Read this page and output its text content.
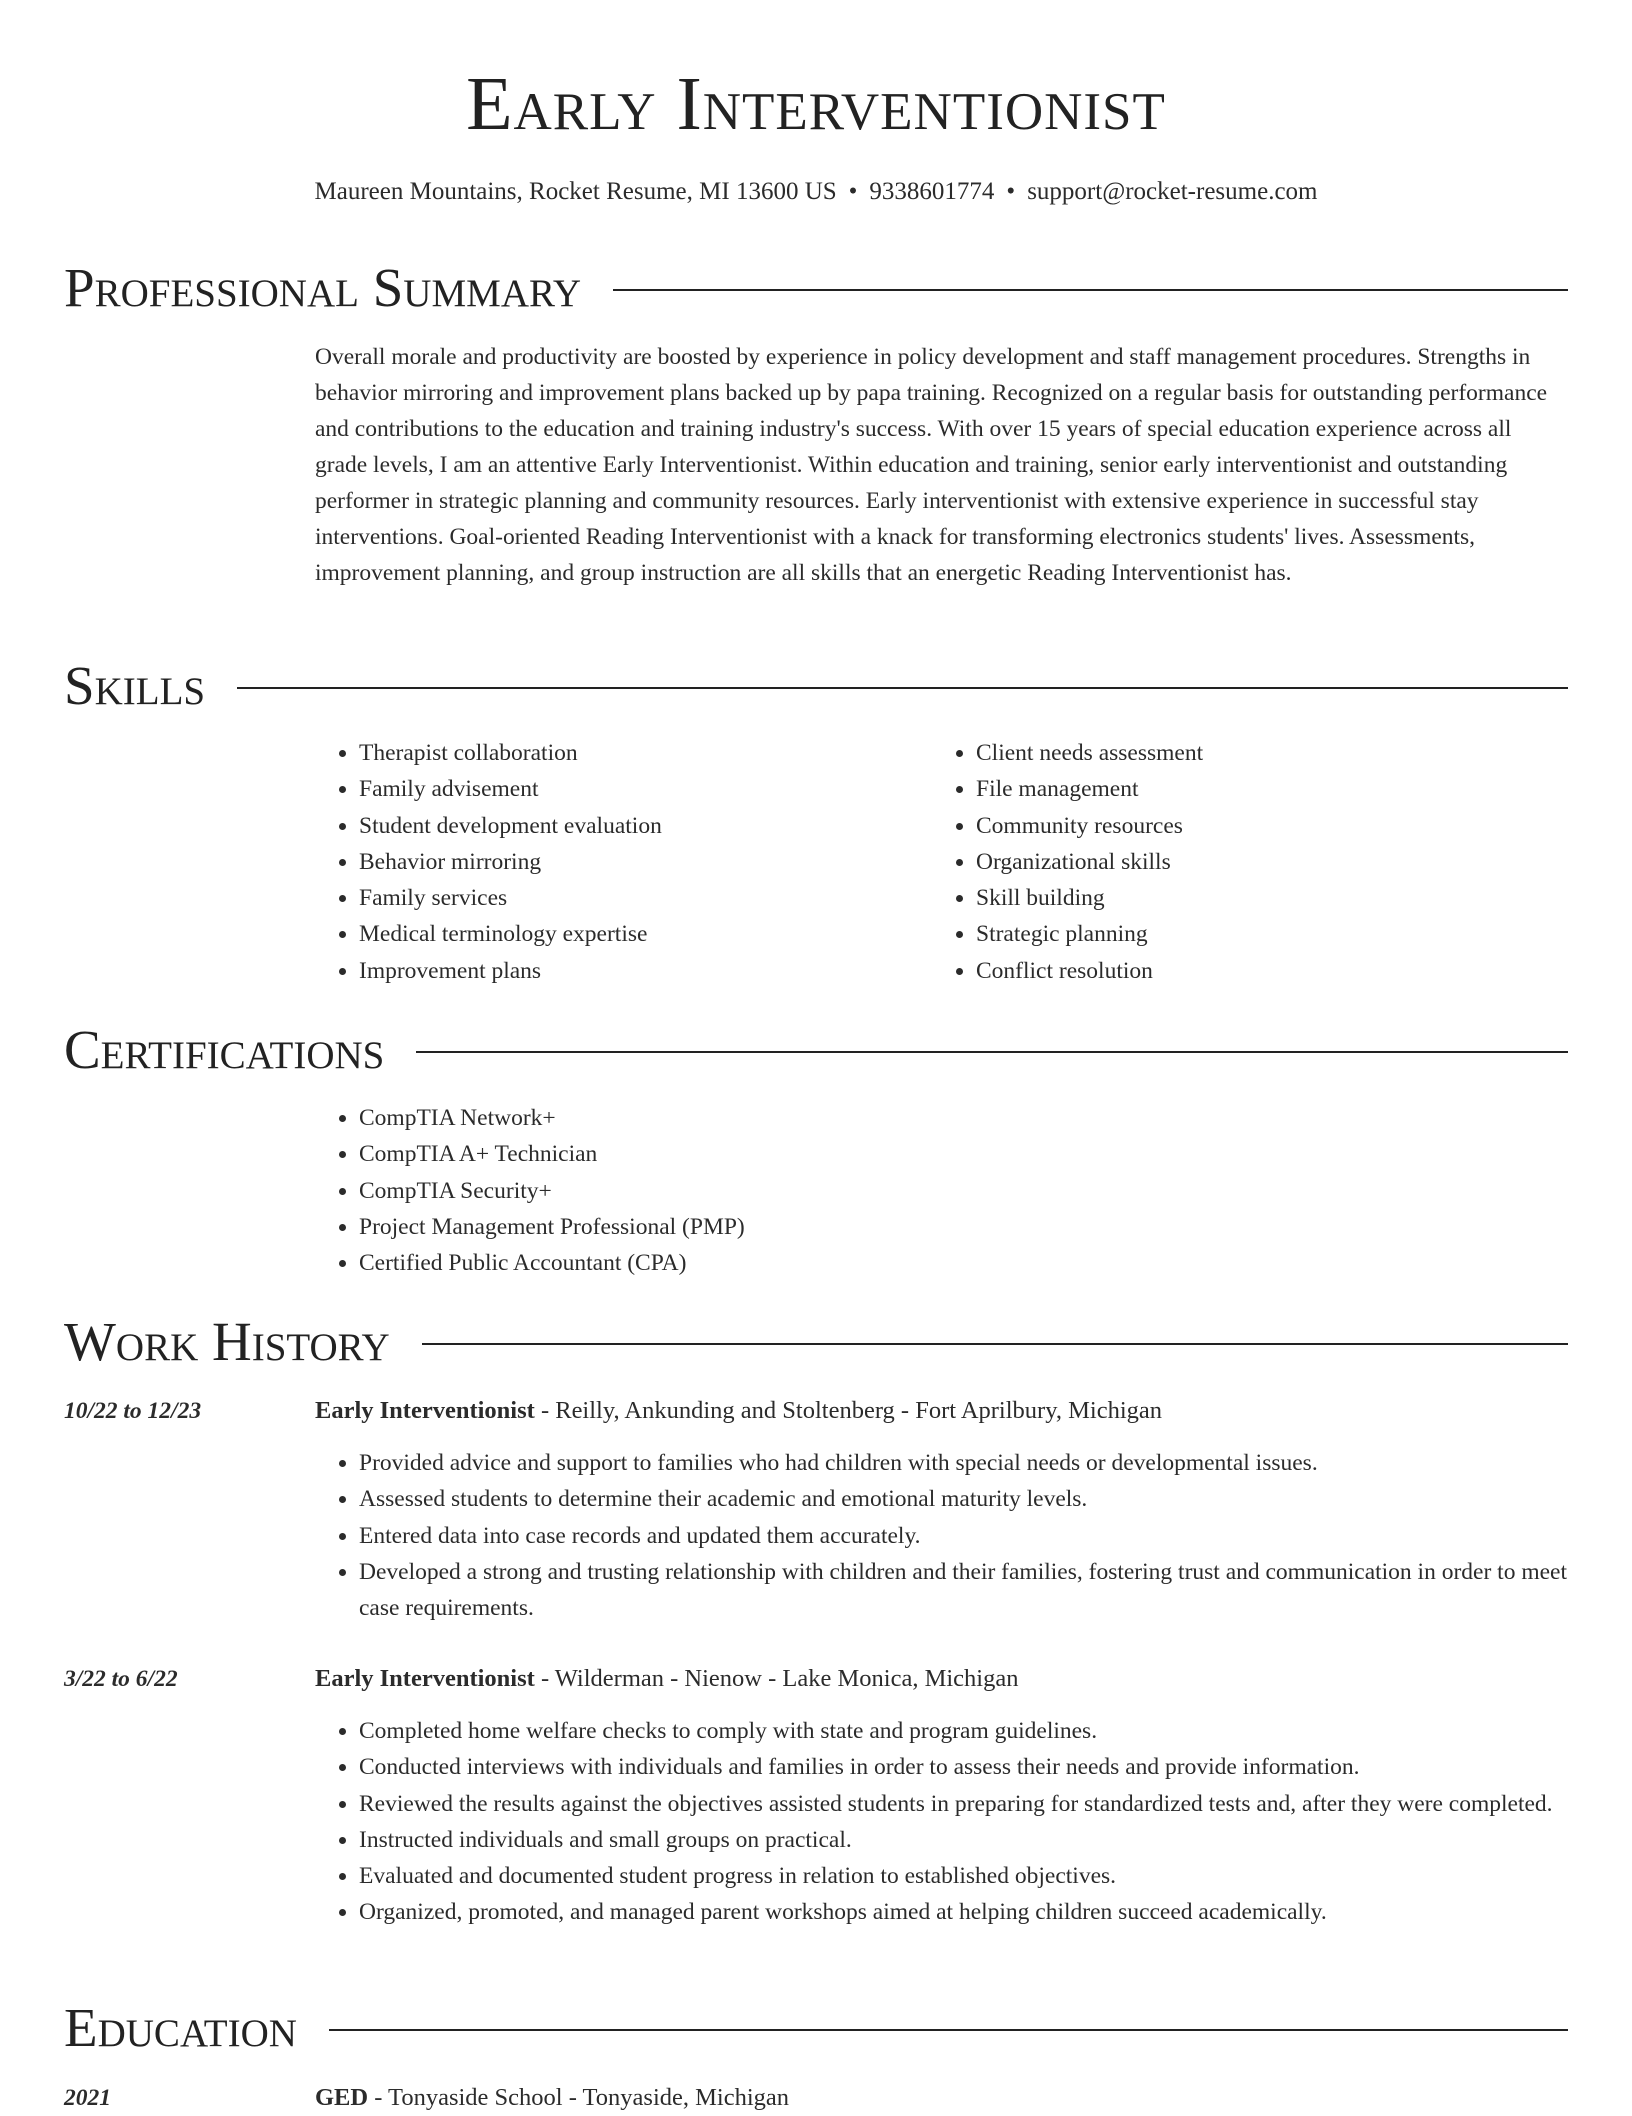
Early Interventionist
Maureen Mountains, Rocket Resume, MI 13600 US • 9338601774 • support@rocket-resume.com
Professional Summary

Overall morale and productivity are boosted by experience in policy development and staff management procedures. Strengths in behavior mirroring and improvement plans backed up by papa training. Recognized on a regular basis for outstanding performance and contributions to the education and training industry's success. With over 15 years of special education experience across all grade levels, I am an attentive Early Interventionist. Within education and training, senior early interventionist and outstanding performer in strategic planning and community resources. Early interventionist with extensive experience in successful stay interventions. Goal-oriented Reading Interventionist with a knack for transforming electronics students' lives. Assessments, improvement planning, and group instruction are all skills that an energetic Reading Interventionist has.

Skills
• Therapist collaboration
• Family advisement
• Student development evaluation
• Behavior mirroring
• Family services
• Medical terminology expertise
• Improvement plans
• Client needs assessment
• File management
• Community resources
• Organizational skills
• Skill building
• Strategic planning
• Conflict resolution
Certifications
• CompTIA Network+
• CompTIA A+ Technician
• CompTIA Security+
• Project Management Professional (PMP)
• Certified Public Accountant (CPA)
Work History
10/22 to 12/23	Early Interventionist - Reilly, Ankunding and Stoltenberg - Fort Aprilbury, Michigan
• Provided advice and support to families who had children with special needs or developmental issues.
• Assessed students to determine their academic and emotional maturity levels.
• Entered data into case records and updated them accurately.
• Developed a strong and trusting relationship with children and their families, fostering trust and communication in order to meet case requirements.
3/22 to 6/22	Early Interventionist - Wilderman - Nienow - Lake Monica, Michigan
• Completed home welfare checks to comply with state and program guidelines.
• Conducted interviews with individuals and families in order to assess their needs and provide information.
• Reviewed the results against the objectives assisted students in preparing for standardized tests and, after they were completed.
• Instructed individuals and small groups on practical.
• Evaluated and documented student progress in relation to established objectives.
• Organized, promoted, and managed parent workshops aimed at helping children succeed academically.
Education
2021	GED - Tonyaside School - Tonyaside, Michigan
